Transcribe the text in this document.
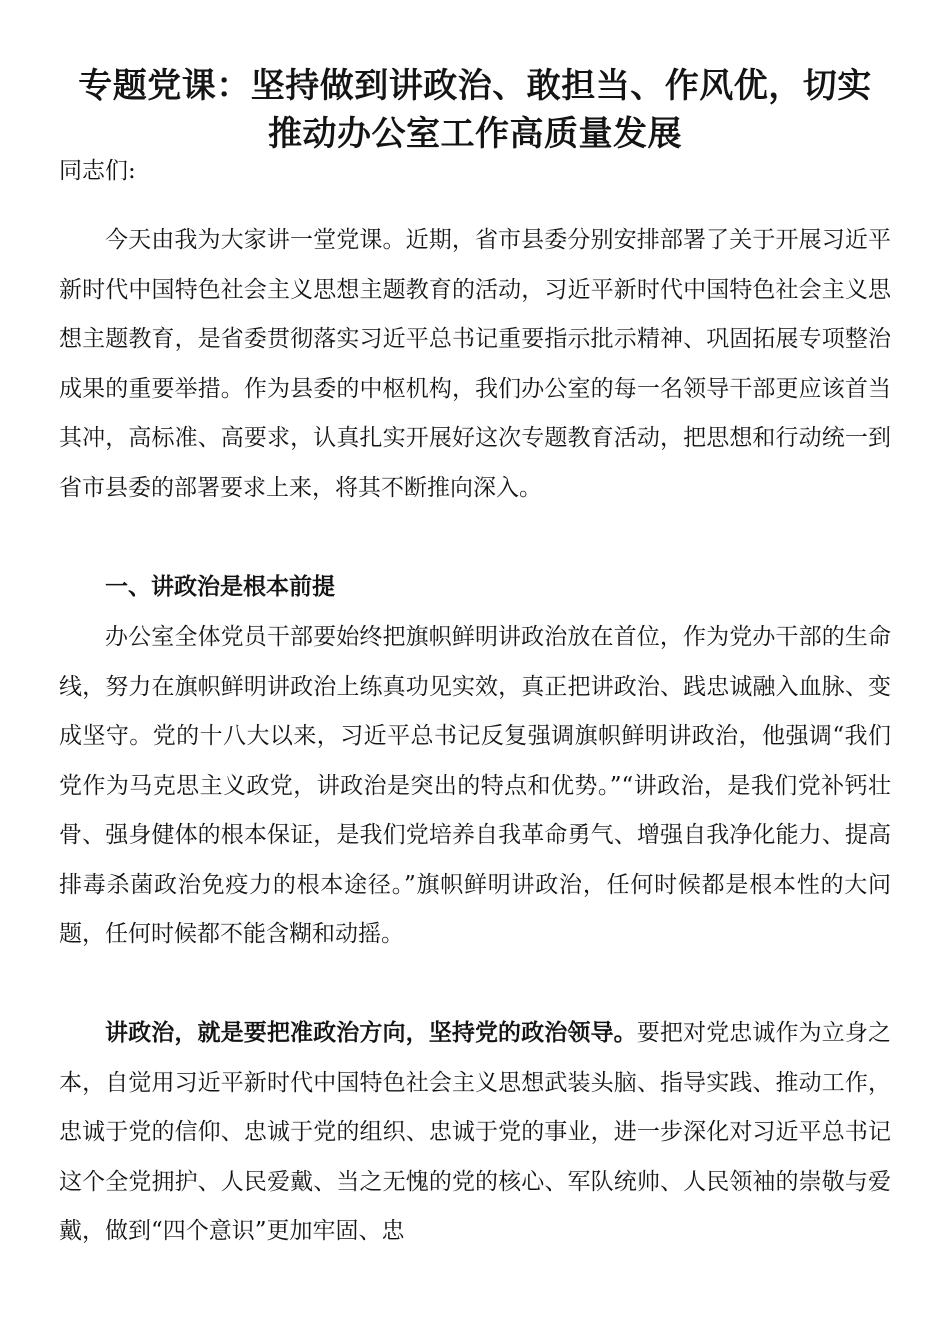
专题党课：坚持做到讲政治、敢担当、作风优，切实
推动办公室工作高质量发展

同志们:

今天由我为大家讲一堂党课。近期，省市县委分别安排部署了关于开展习近平新时代中国特色社会主义思想主题教育的活动，习近平新时代中国特色社会主义思想主题教育，是省委贯彻落实习近平总书记重要指示批示精神、巩固拓展专项整治成果的重要举措。作为县委的中枢机构，我们办公室的每一名领导干部更应该首当其冲，高标准、高要求，认真扎实开展好这次专题教育活动，把思想和行动统一到省市县委的部署要求上来，将其不断推向深入。

一、讲政治是根本前提

办公室全体党员干部要始终把旗帜鲜明讲政治放在首位，作为党办干部的生命线，努力在旗帜鲜明讲政治上练真功见实效，真正把讲政治、践忠诚融入血脉、变成坚守。党的十八大以来，习近平总书记反复强调旗帜鲜明讲政治，他强调“我们党作为马克思主义政党，讲政治是突出的特点和优势。”“讲政治，是我们党补钙壮骨、强身健体的根本保证，是我们党培养自我革命勇气、增强自我净化能力、提高排毒杀菌政治免疫力的根本途径。”旗帜鲜明讲政治，任何时候都是根本性的大问题，任何时候都不能含糊和动摇。

讲政治，就是要把准政治方向，坚持党的政治领导。要把对党忠诚作为立身之本，自觉用习近平新时代中国特色社会主义思想武装头脑、指导实践、推动工作，忠诚于党的信仰、忠诚于党的组织、忠诚于党的事业，进一步深化对习近平总书记这个全党拥护、人民爱戴、当之无愧的党的核心、军队统帅、人民领袖的崇敬与爱戴，做到“四个意识”更加牢固、忠
